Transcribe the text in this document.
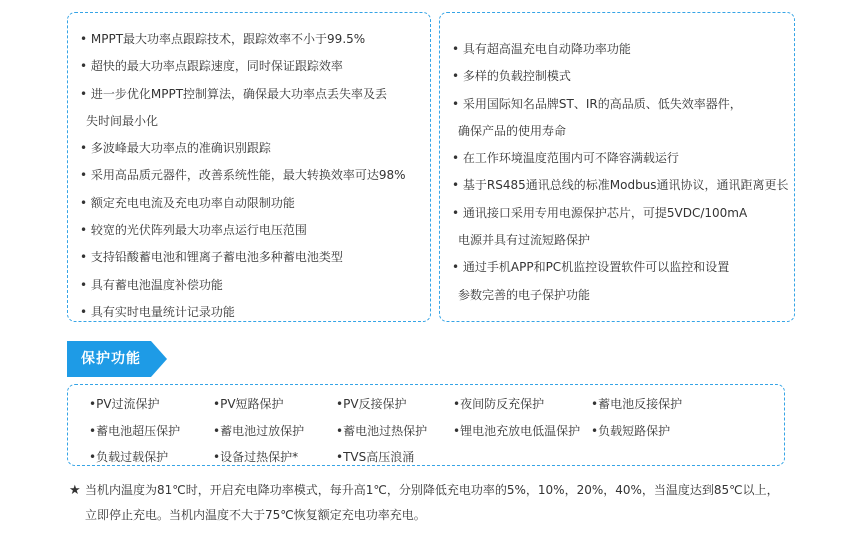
• MPPT最大功率点跟踪技术，跟踪效率不小于99.5%
• 超快的最大功率点跟踪速度，同时保证跟踪效率
• 进一步优化MPPT控制算法，确保最大功率点丢失率及丢
失时间最小化
• 多波峰最大功率点的准确识别跟踪
• 采用高品质元器件，改善系统性能，最大转换效率可达98%
• 额定充电电流及充电功率自动限制功能
• 较宽的光伏阵列最大功率点运行电压范围
• 支持铅酸蓄电池和锂离子蓄电池多种蓄电池类型
• 具有蓄电池温度补偿功能
• 具有实时电量统计记录功能
• 具有超高温充电自动降功率功能
• 多样的负载控制模式
• 采用国际知名品牌ST、IR的高品质、低失效率器件，
确保产品的使用寿命
• 在工作环境温度范围内可不降容满载运行
• 基于RS485通讯总线的标准Modbus通讯协议，通讯距离更长
• 通讯接口采用专用电源保护芯片，可提5VDC/100mA
电源并具有过流短路保护
• 通过手机APP和PC机监控设置软件可以监控和设置
参数完善的电子保护功能
保护功能
•PV过流保护	•PV短路保护	•PV反接保护	•夜间防反充保护	•蓄电池反接保护
•蓄电池超压保护	•蓄电池过放保护	•蓄电池过热保护	•锂电池充放电低温保护 •负载短路保护
•负载过载保护	•设备过热保护*	•TVS高压浪涌
★ 当机内温度为81℃时，开启充电降功率模式，每升高1℃，分别降低充电功率的5%，10%，20%，40%，当温度达到85℃以上，
立即停止充电。当机内温度不大于75℃恢复额定充电功率充电。
